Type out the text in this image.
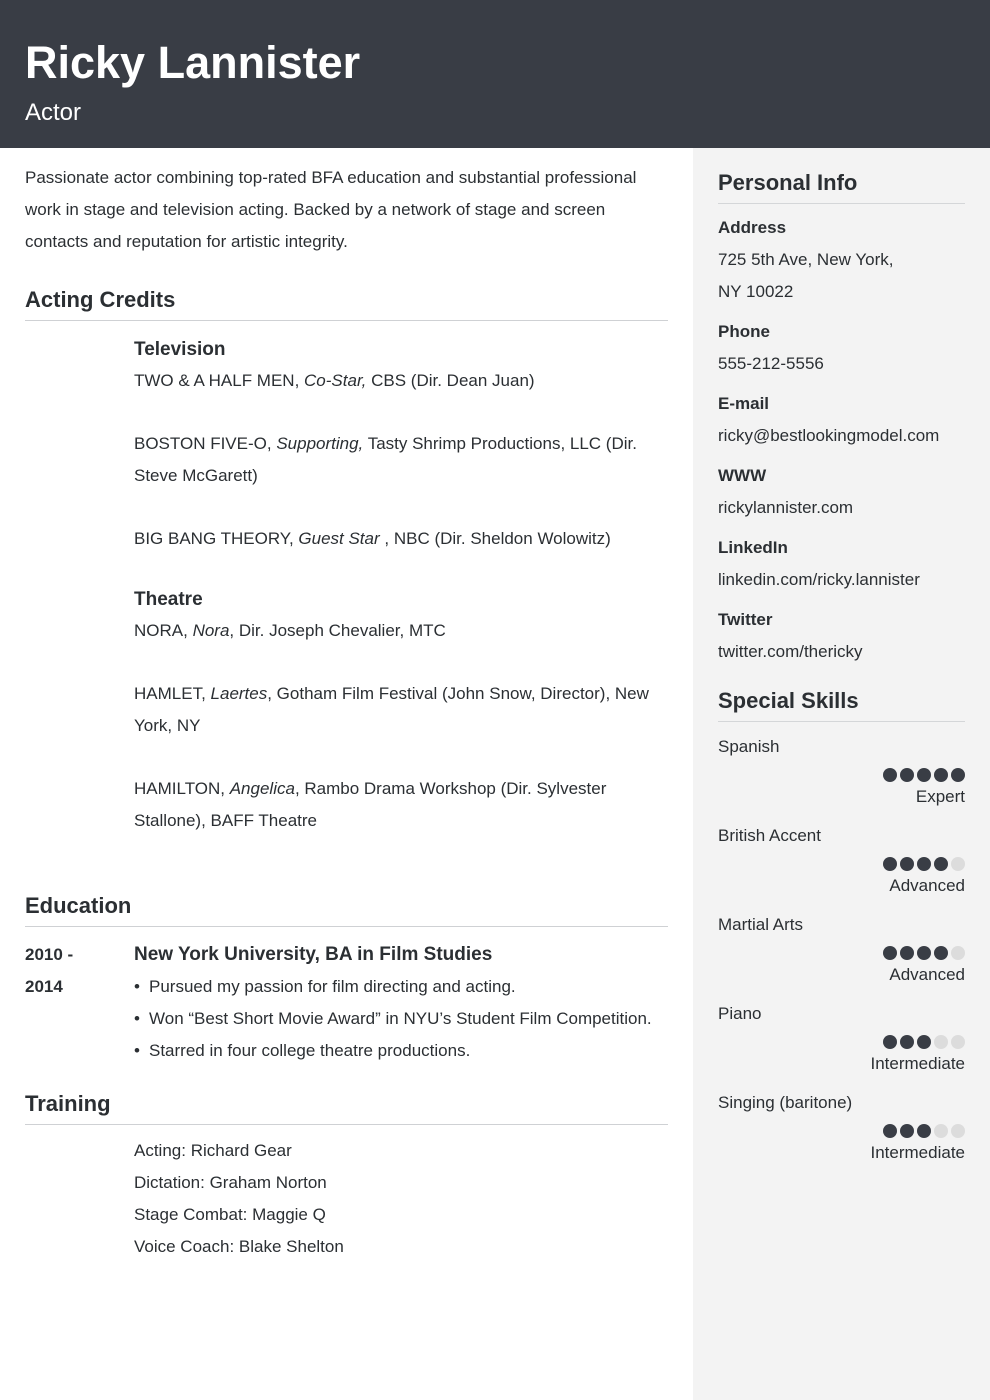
Ricky Lannister
Actor

Passionate actor combining top-rated BFA education and substantial professional work in stage and television acting. Backed by a network of stage and screen contacts and reputation for artistic integrity.

Acting Credits
Television
TWO & A HALF MEN, Co-Star, CBS (Dir. Dean Juan)
BOSTON FIVE-O, Supporting, Tasty Shrimp Productions, LLC (Dir. Steve McGarett)
BIG BANG THEORY, Guest Star , NBC (Dir. Sheldon Wolowitz)
Theatre
NORA, Nora, Dir. Joseph Chevalier, MTC
HAMLET, Laertes, Gotham Film Festival (John Snow, Director), New York, NY
HAMILTON, Angelica, Rambo Drama Workshop (Dir. Sylvester Stallone), BAFF Theatre
Education
2010 - 2014
New York University, BA in Film Studies
• Pursued my passion for film directing and acting.
• Won “Best Short Movie Award” in NYU’s Student Film Competition.
• Starred in four college theatre productions.
Training
Acting: Richard Gear
Dictation: Graham Norton
Stage Combat: Maggie Q
Voice Coach: Blake Shelton
Personal Info
Address
725 5th Ave, New York,
NY 10022
Phone
555-212-5556
E-mail
ricky@bestlookingmodel.com
WWW
rickylannister.com
LinkedIn
linkedin.com/ricky.lannister
Twitter
twitter.com/thericky
Special Skills
Spanish
Expert
British Accent
Advanced
Martial Arts
Advanced
Piano
Intermediate
Singing (baritone)
Intermediate
